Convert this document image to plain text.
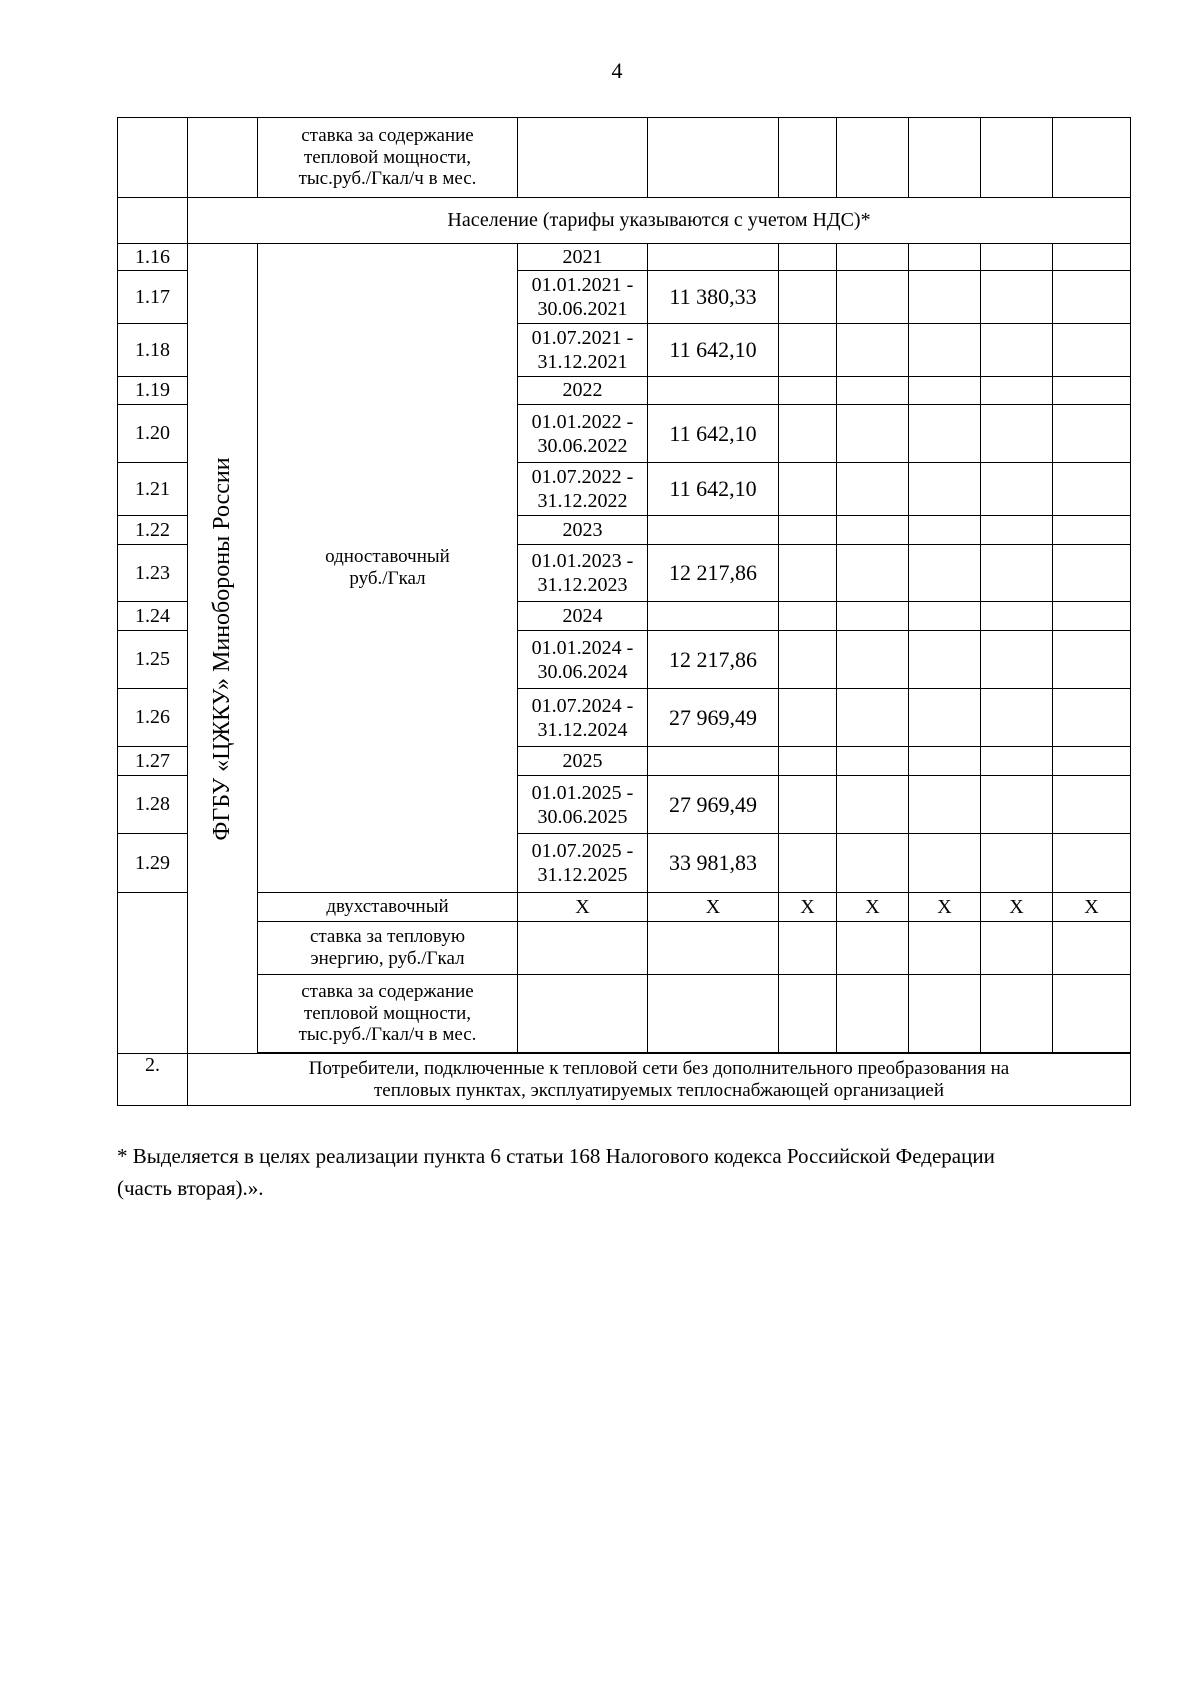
4
		ставка за содержание
тепловой мощности,
тыс.руб./Гкал/ч в мес.								
	Население (тарифы указываются с учетом НДС)*									
1.16	ФГБУ «ЦЖКУ» Минобороны России	одноставочный
руб./Гкал	2021							
1.17			01.01.2021 -
30.06.2021	11 380,33						
1.18			01.07.2021 -
31.12.2021	11 642,10						
1.19			2022							
1.20			01.01.2022 -
30.06.2022	11 642,10						
1.21			01.07.2022 -
31.12.2022	11 642,10						
1.22			2023							
1.23			01.01.2023 -
31.12.2023	12 217,86						
1.24			2024							
1.25			01.01.2024 -
30.06.2024	12 217,86						
1.26			01.07.2024 -
31.12.2024	27 969,49						
1.27			2025							
1.28			01.01.2025 -
30.06.2025	27 969,49						
1.29			01.07.2025 -
31.12.2025	33 981,83						
		двухставочный	X	X	X	X	X	X	X	
		ставка за тепловую
энергию, руб./Гкал								
		ставка за содержание
тепловой мощности,
тыс.руб./Гкал/ч в мес.								

2.	Потребители, подключенные к тепловой сети без дополнительного преобразования на
тепловых пунктах, эксплуатируемых теплоснабжающей организацией									
* Выделяется в целях реализации пункта 6 статьи 168 Налогового кодекса Российской Федерации
(часть вторая).».
